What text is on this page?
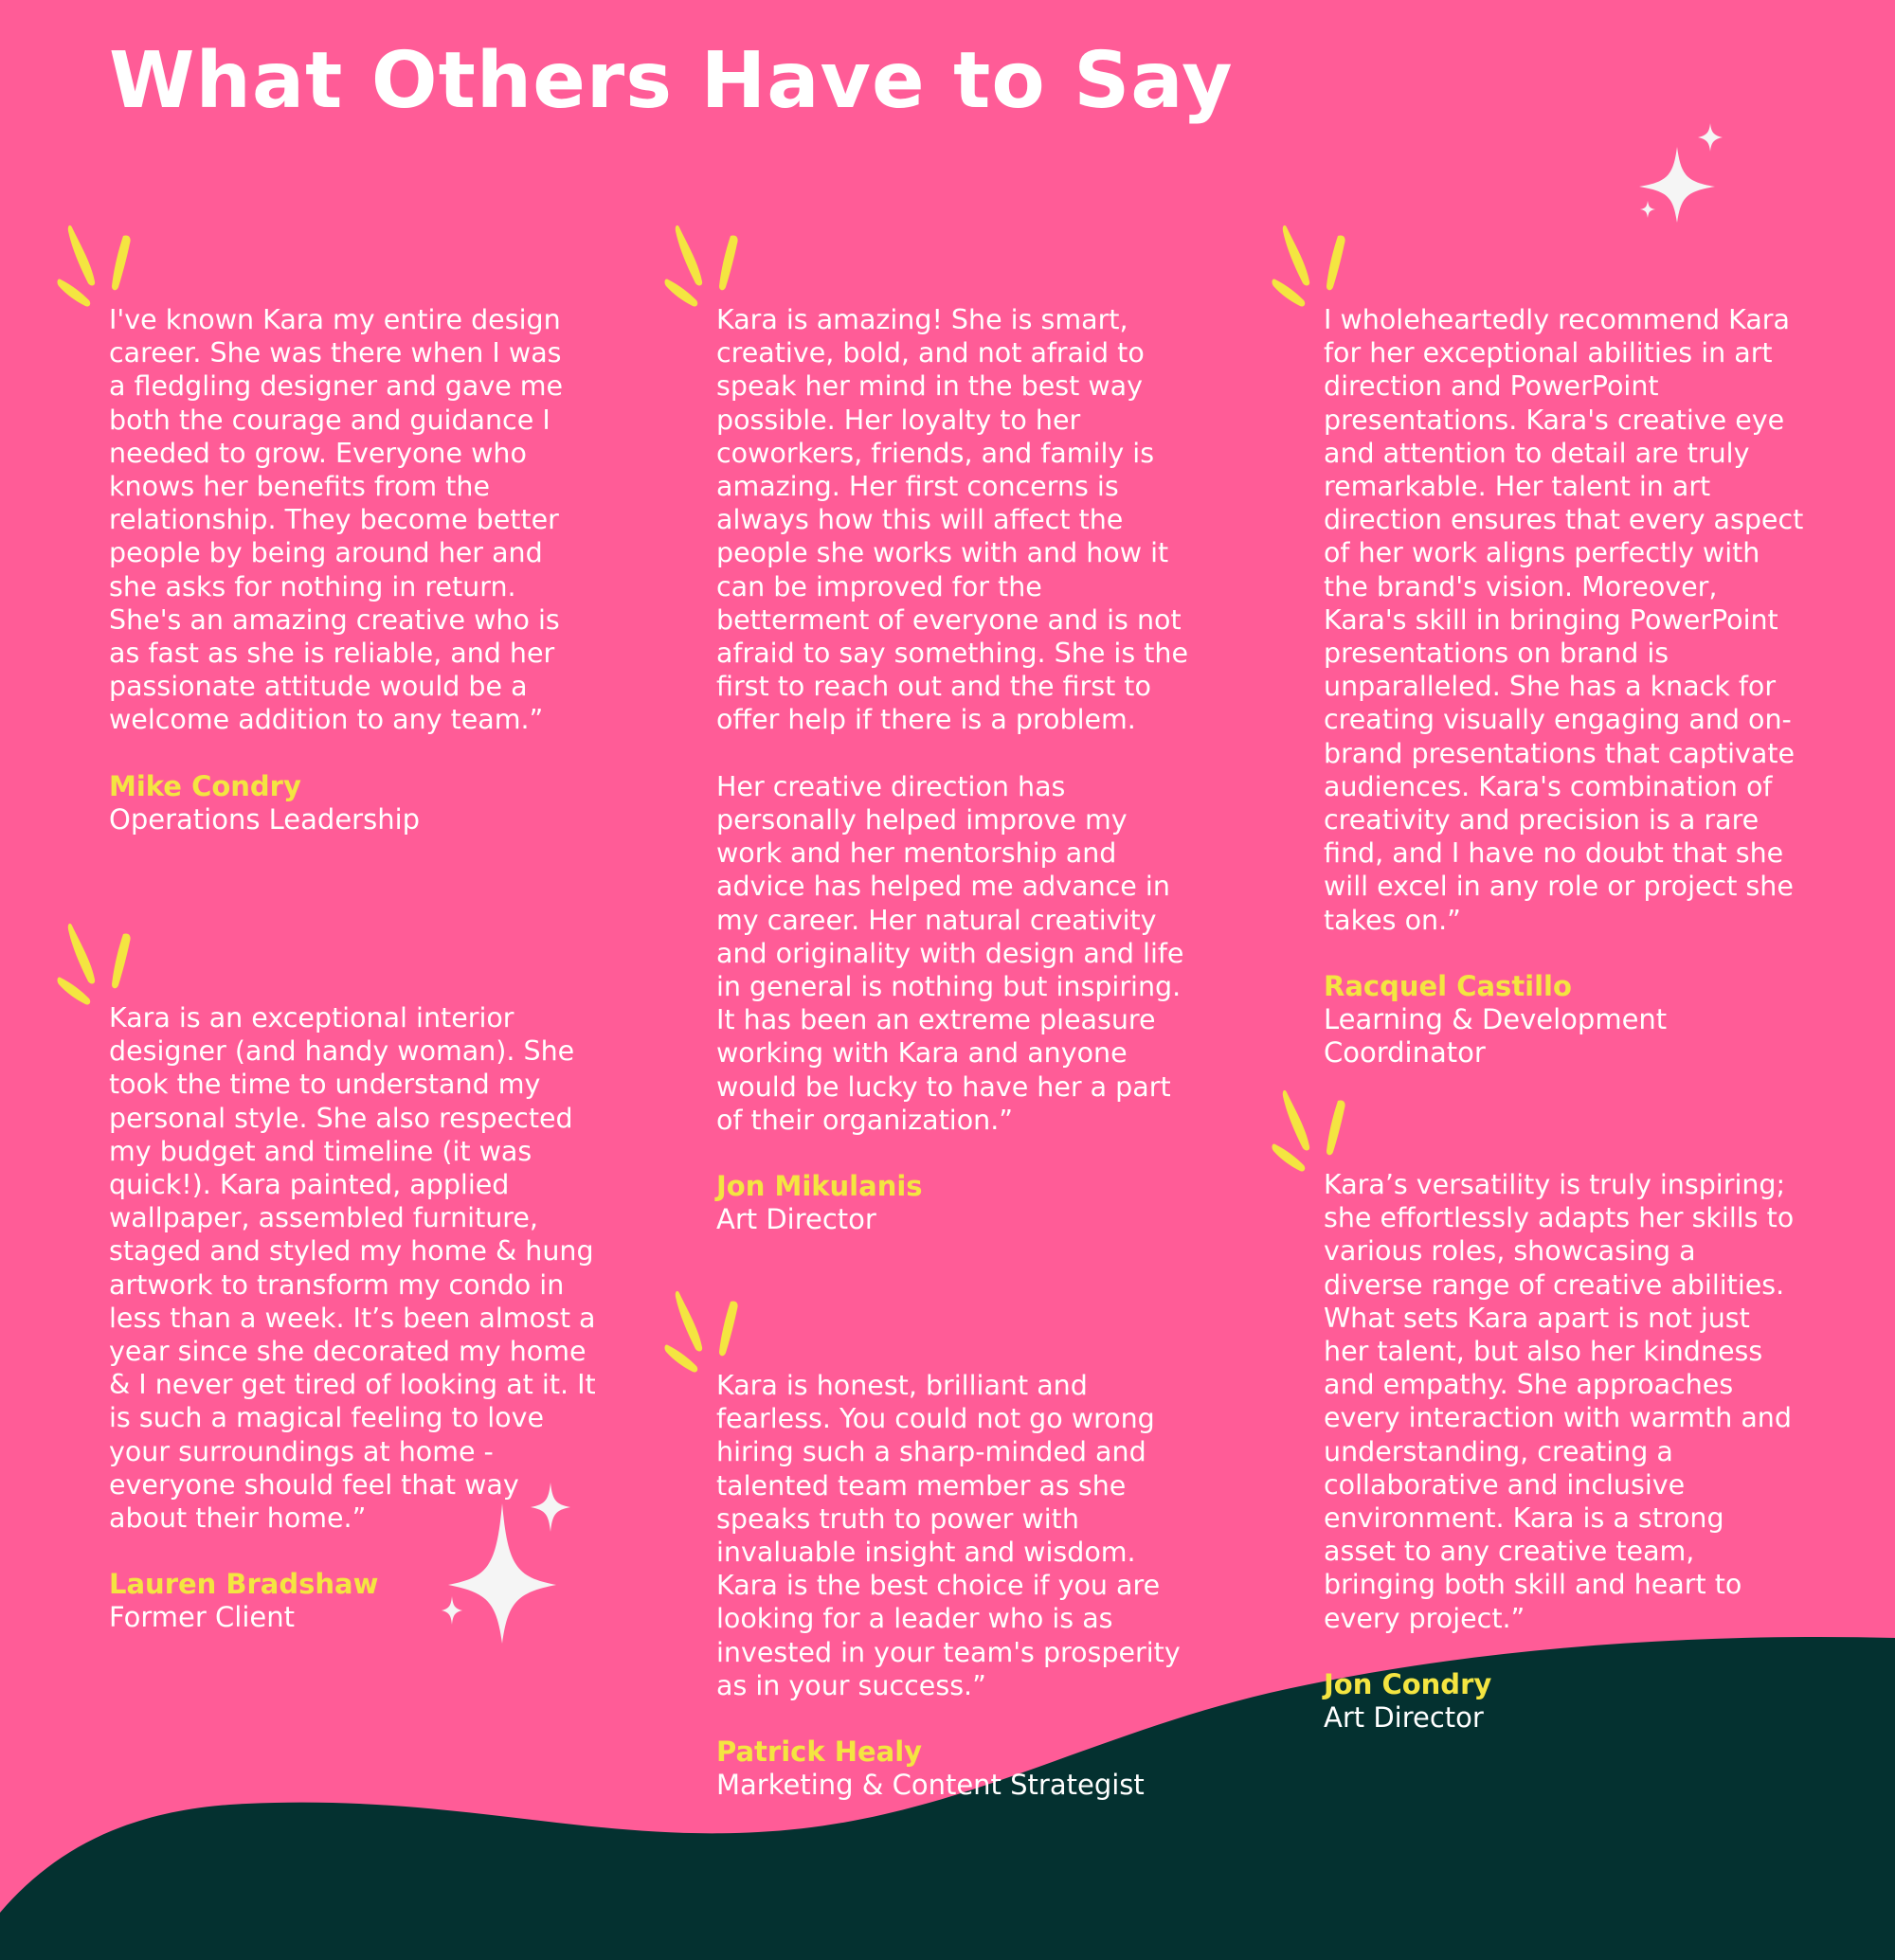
What Others Have to Say

I've known Kara my entire design
career. She was there when I was
a fledgling designer and gave me
both the courage and guidance I
needed to grow. Everyone who
knows her benefits from the
relationship. They become better
people by being around her and
she asks for nothing in return.
She's an amazing creative who is
as fast as she is reliable, and her
passionate attitude would be a
welcome addition to any team.”

Mike Condry
Operations Leadership

Kara is an exceptional interior
designer (and handy woman). She
took the time to understand my
personal style. She also respected
my budget and timeline (it was
quick!). Kara painted, applied
wallpaper, assembled furniture,
staged and styled my home & hung
artwork to transform my condo in
less than a week. It’s been almost a
year since she decorated my home
& I never get tired of looking at it. It
is such a magical feeling to love
your surroundings at home -
everyone should feel that way
about their home.”

Lauren Bradshaw
Former Client

Kara is amazing! She is smart,
creative, bold, and not afraid to
speak her mind in the best way
possible. Her loyalty to her
coworkers, friends, and family is
amazing. Her first concerns is
always how this will affect the
people she works with and how it
can be improved for the
betterment of everyone and is not
afraid to say something. She is the
first to reach out and the first to
offer help if there is a problem.

Her creative direction has
personally helped improve my
work and her mentorship and
advice has helped me advance in
my career. Her natural creativity
and originality with design and life
in general is nothing but inspiring.
It has been an extreme pleasure
working with Kara and anyone
would be lucky to have her a part
of their organization.”

Jon Mikulanis
Art Director

Kara is honest, brilliant and
fearless. You could not go wrong
hiring such a sharp-minded and
talented team member as she
speaks truth to power with
invaluable insight and wisdom.
Kara is the best choice if you are
looking for a leader who is as
invested in your team's prosperity
as in your success.”

Patrick Healy
Marketing & Content Strategist

I wholeheartedly recommend Kara
for her exceptional abilities in art
direction and PowerPoint
presentations. Kara's creative eye
and attention to detail are truly
remarkable. Her talent in art
direction ensures that every aspect
of her work aligns perfectly with
the brand's vision. Moreover,
Kara's skill in bringing PowerPoint
presentations on brand is
unparalleled. She has a knack for
creating visually engaging and on-
brand presentations that captivate
audiences. Kara's combination of
creativity and precision is a rare
find, and I have no doubt that she
will excel in any role or project she
takes on.”

Racquel Castillo
Learning & Development
Coordinator

Kara’s versatility is truly inspiring;
she effortlessly adapts her skills to
various roles, showcasing a
diverse range of creative abilities.
What sets Kara apart is not just
her talent, but also her kindness
and empathy. She approaches
every interaction with warmth and
understanding, creating a
collaborative and inclusive
environment. Kara is a strong
asset to any creative team,
bringing both skill and heart to
every project.”

Jon Condry
Art Director
